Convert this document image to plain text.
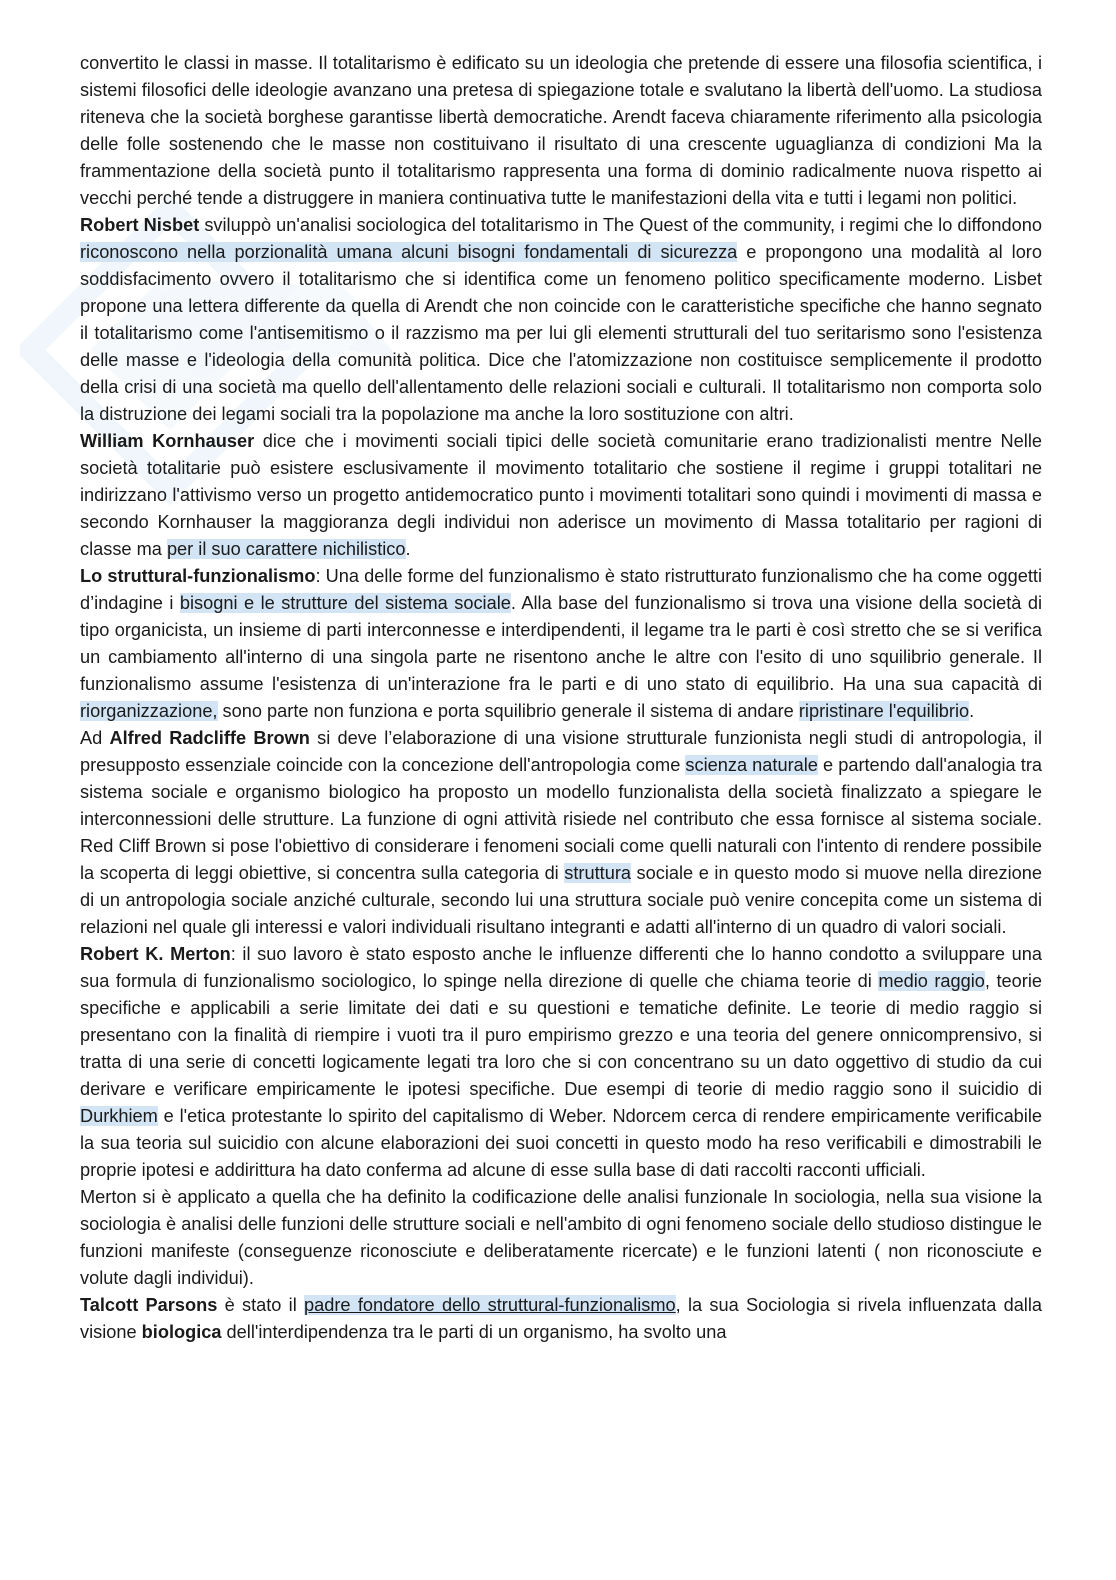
convertito le classi in masse. Il totalitarismo è edificato su un ideologia che pretende di essere una filosofia scientifica, i sistemi filosofici delle ideologie avanzano una pretesa di spiegazione totale e svalutano la libertà dell'uomo. La studiosa riteneva che la società borghese garantisse libertà democratiche. Arendt faceva chiaramente riferimento alla psicologia delle folle sostenendo che le masse non costituivano il risultato di una crescente uguaglianza di condizioni Ma la frammentazione della società punto il totalitarismo rappresenta una forma di dominio radicalmente nuova rispetto ai vecchi perché tende a distruggere in maniera continuativa tutte le manifestazioni della vita e tutti i legami non politici.

Robert Nisbet sviluppò un'analisi sociologica del totalitarismo in The Quest of the community, i regimi che lo diffondono riconoscono nella porzionalità umana alcuni bisogni fondamentali di sicurezza e propongono una modalità al loro soddisfacimento ovvero il totalitarismo che si identifica come un fenomeno politico specificamente moderno. Lisbet propone una lettera differente da quella di Arendt che non coincide con le caratteristiche specifiche che hanno segnato il totalitarismo come l'antisemitismo o il razzismo ma per lui gli elementi strutturali del tuo seritarismo sono l'esistenza delle masse e l'ideologia della comunità politica. Dice che l'atomizzazione non costituisce semplicemente il prodotto della crisi di una società ma quello dell'allentamento delle relazioni sociali e culturali. Il totalitarismo non comporta solo la distruzione dei legami sociali tra la popolazione ma anche la loro sostituzione con altri.

William Kornhauser dice che i movimenti sociali tipici delle società comunitarie erano tradizionalisti mentre Nelle società totalitarie può esistere esclusivamente il movimento totalitario che sostiene il regime i gruppi totalitari ne indirizzano l'attivismo verso un progetto antidemocratico punto i movimenti totalitari sono quindi i movimenti di massa e secondo Kornhauser la maggioranza degli individui non aderisce un movimento di Massa totalitario per ragioni di classe ma per il suo carattere nichilistico.

Lo struttural-funzionalismo: Una delle forme del funzionalismo è stato ristrutturato funzionalismo che ha come oggetti d’indagine i bisogni e le strutture del sistema sociale. Alla base del funzionalismo si trova una visione della società di tipo organicista, un insieme di parti interconnesse e interdipendenti, il legame tra le parti è così stretto che se si verifica un cambiamento all'interno di una singola parte ne risentono anche le altre con l'esito di uno squilibrio generale. Il funzionalismo assume l'esistenza di un'interazione fra le parti e di uno stato di equilibrio. Ha una sua capacità di riorganizzazione, sono parte non funziona e porta squilibrio generale il sistema di andare ripristinare l'equilibrio.

Ad Alfred Radcliffe Brown si deve l’elaborazione di una visione strutturale funzionista negli studi di antropologia, il presupposto essenziale coincide con la concezione dell'antropologia come scienza naturale e partendo dall'analogia tra sistema sociale e organismo biologico ha proposto un modello funzionalista della società finalizzato a spiegare le interconnessioni delle strutture. La funzione di ogni attività risiede nel contributo che essa fornisce al sistema sociale. Red Cliff Brown si pose l'obiettivo di considerare i fenomeni sociali come quelli naturali con l'intento di rendere possibile la scoperta di leggi obiettive, si concentra sulla categoria di struttura sociale e in questo modo si muove nella direzione di un antropologia sociale anziché culturale, secondo lui una struttura sociale può venire concepita come un sistema di relazioni nel quale gli interessi e valori individuali risultano integranti e adatti all'interno di un quadro di valori sociali.

Robert K. Merton: il suo lavoro è stato esposto anche le influenze differenti che lo hanno condotto a sviluppare una sua formula di funzionalismo sociologico, lo spinge nella direzione di quelle che chiama teorie di medio raggio, teorie specifiche e applicabili a serie limitate dei dati e su questioni e tematiche definite. Le teorie di medio raggio si presentano con la finalità di riempire i vuoti tra il puro empirismo grezzo e una teoria del genere onnicomprensivo, si tratta di una serie di concetti logicamente legati tra loro che si con concentrano su un dato oggettivo di studio da cui derivare e verificare empiricamente le ipotesi specifiche. Due esempi di teorie di medio raggio sono il suicidio di Durkhiem e l'etica protestante lo spirito del capitalismo di Weber. Ndorcem cerca di rendere empiricamente verificabile la sua teoria sul suicidio con alcune elaborazioni dei suoi concetti in questo modo ha reso verificabili e dimostrabili le proprie ipotesi e addirittura ha dato conferma ad alcune di esse sulla base di dati raccolti racconti ufficiali.

Merton si è applicato a quella che ha definito la codificazione delle analisi funzionale In sociologia, nella sua visione la sociologia è analisi delle funzioni delle strutture sociali e nell'ambito di ogni fenomeno sociale dello studioso distingue le funzioni manifeste (conseguenze riconosciute e deliberatamente ricercate) e le funzioni latenti ( non riconosciute e volute dagli individui).

Talcott Parsons è stato il padre fondatore dello struttural-funzionalismo, la sua Sociologia si rivela influenzata dalla visione biologica dell'interdipendenza tra le parti di un organismo, ha svolto una
